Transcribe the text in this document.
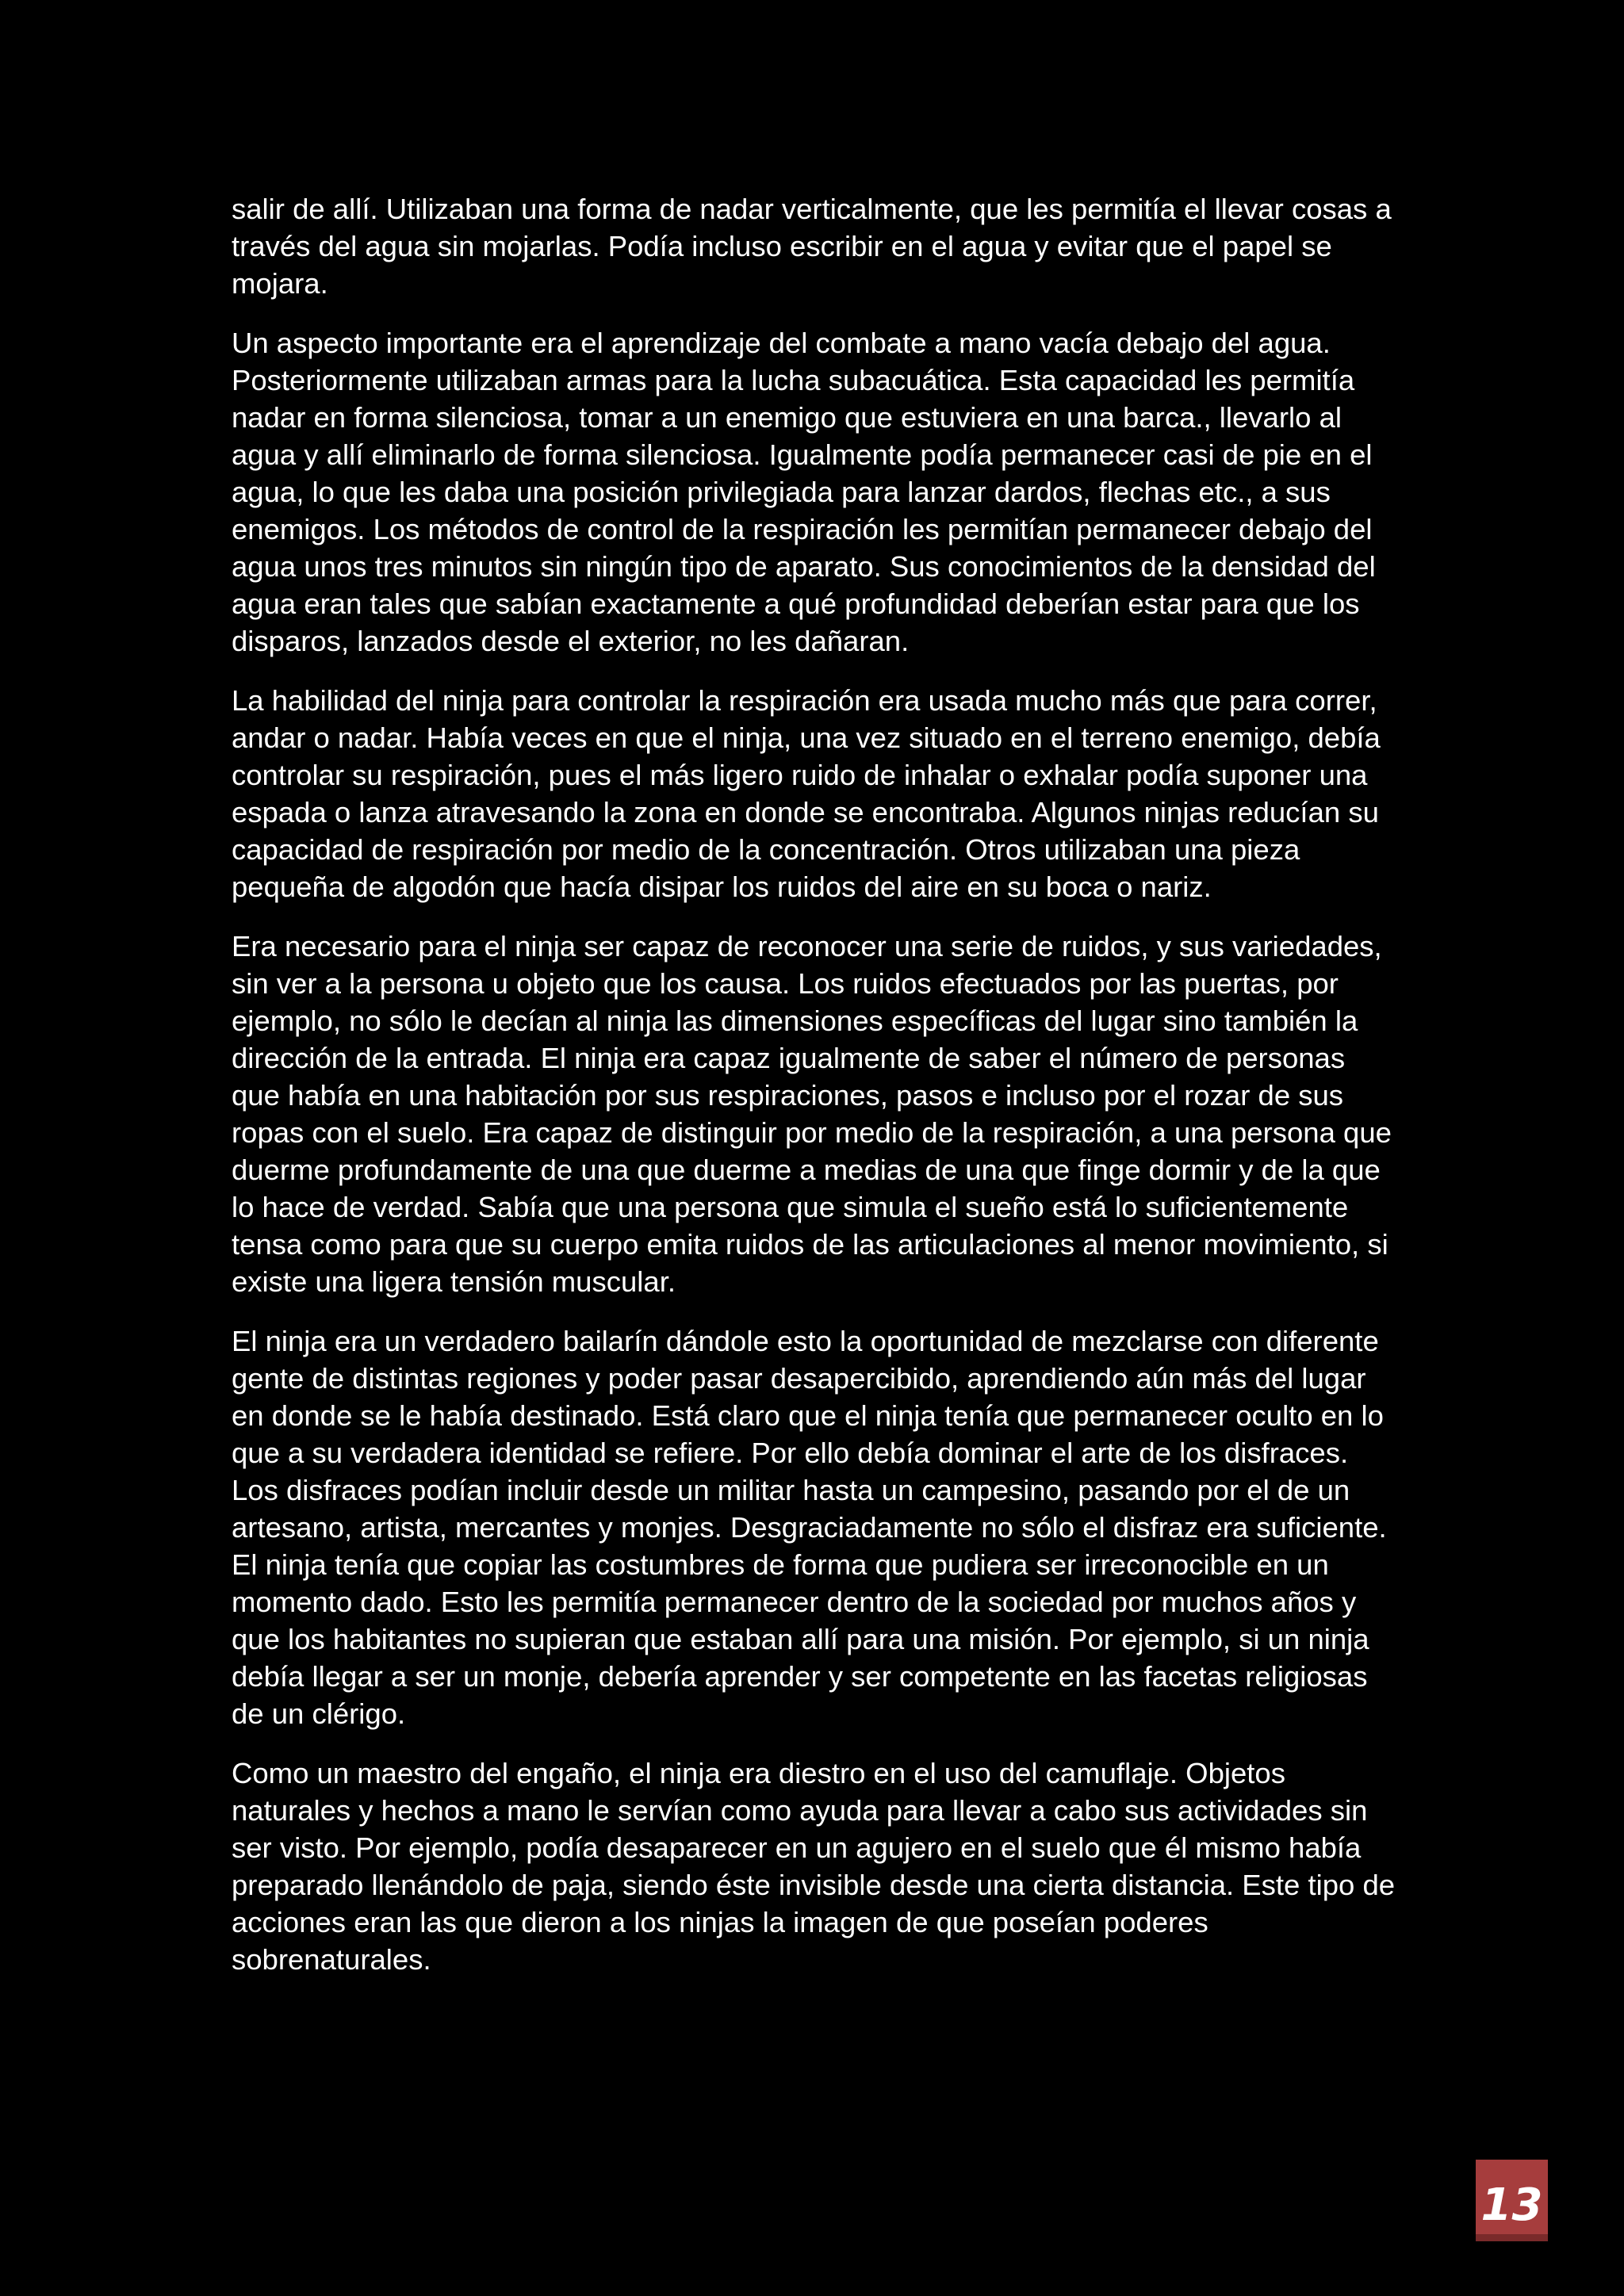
salir de allí. Utilizaban una forma de nadar verticalmente, que les permitía el llevar cosas a través del agua sin mojarlas. Podía incluso escribir en el agua y evitar que el papel se mojara.

Un aspecto importante era el aprendizaje del combate a mano vacía debajo del agua. Posteriormente utilizaban armas para la lucha subacuática. Esta capacidad les permitía nadar en forma silenciosa, tomar a un enemigo que estuviera en una barca., llevarlo al agua y allí eliminarlo de forma silenciosa. Igualmente podía permanecer casi de pie en el agua, lo que les daba una posición privilegiada para lanzar dardos, flechas etc., a sus enemigos. Los métodos de control de la respiración les permitían permanecer debajo del agua unos tres minutos sin ningún tipo de aparato. Sus conocimientos de la densidad del agua eran tales que sabían exactamente a qué profundidad deberían estar para que los disparos, lanzados desde el exterior, no les dañaran.

La habilidad del ninja para controlar la respiración era usada mucho más que para correr, andar o nadar. Había veces en que el ninja, una vez situado en el terreno enemigo, debía controlar su respiración, pues el más ligero ruido de inhalar o exhalar podía suponer una espada o lanza atravesando la zona en donde se encontraba. Algunos ninjas reducían su capacidad de respiración por medio de la concentración. Otros utilizaban una pieza pequeña de algodón que hacía disipar los ruidos del aire en su boca o nariz.

Era necesario para el ninja ser capaz de reconocer una serie de ruidos, y sus variedades, sin ver a la persona u objeto que los causa. Los ruidos efectuados por las puertas, por ejemplo, no sólo le decían al ninja las dimensiones específicas del lugar sino también la dirección de la entrada. El ninja era capaz igualmente de saber el número de personas que había en una habitación por sus respiraciones, pasos e incluso por el rozar de sus ropas con el suelo. Era capaz de distinguir por medio de la respiración, a una persona que duerme profundamente de una que duerme a medias de una que finge dormir y de la que lo hace de verdad. Sabía que una persona que simula el sueño está lo suficientemente tensa como para que su cuerpo emita ruidos de las articulaciones al menor movimiento, si existe una ligera tensión muscular.

El ninja era un verdadero bailarín dándole esto la oportunidad de mezclarse con diferente gente de distintas regiones y poder pasar desapercibido, aprendiendo aún más del lugar en donde se le había destinado. Está claro que el ninja tenía que permanecer oculto en lo que a su verdadera identidad se refiere. Por ello debía dominar el arte de los disfraces. Los disfraces podían incluir desde un militar hasta un campesino, pasando por el de un artesano, artista, mercantes y monjes. Desgraciadamente no sólo el disfraz era suficiente. El ninja tenía que copiar las costumbres de forma que pudiera ser irreconocible en un momento dado. Esto les permitía permanecer dentro de la sociedad por muchos años y que los habitantes no supieran que estaban allí para una misión. Por ejemplo, si un ninja debía llegar a ser un monje, debería aprender y ser competente en las facetas religiosas de un clérigo.

Como un maestro del engaño, el ninja era diestro en el uso del camuflaje. Objetos naturales y hechos a mano le servían como ayuda para llevar a cabo sus actividades sin ser visto. Por ejemplo, podía desaparecer en un agujero en el suelo que él mismo había preparado llenándolo de paja, siendo éste invisible desde una cierta distancia. Este tipo de acciones eran las que dieron a los ninjas la imagen de que poseían poderes sobrenaturales.

13
